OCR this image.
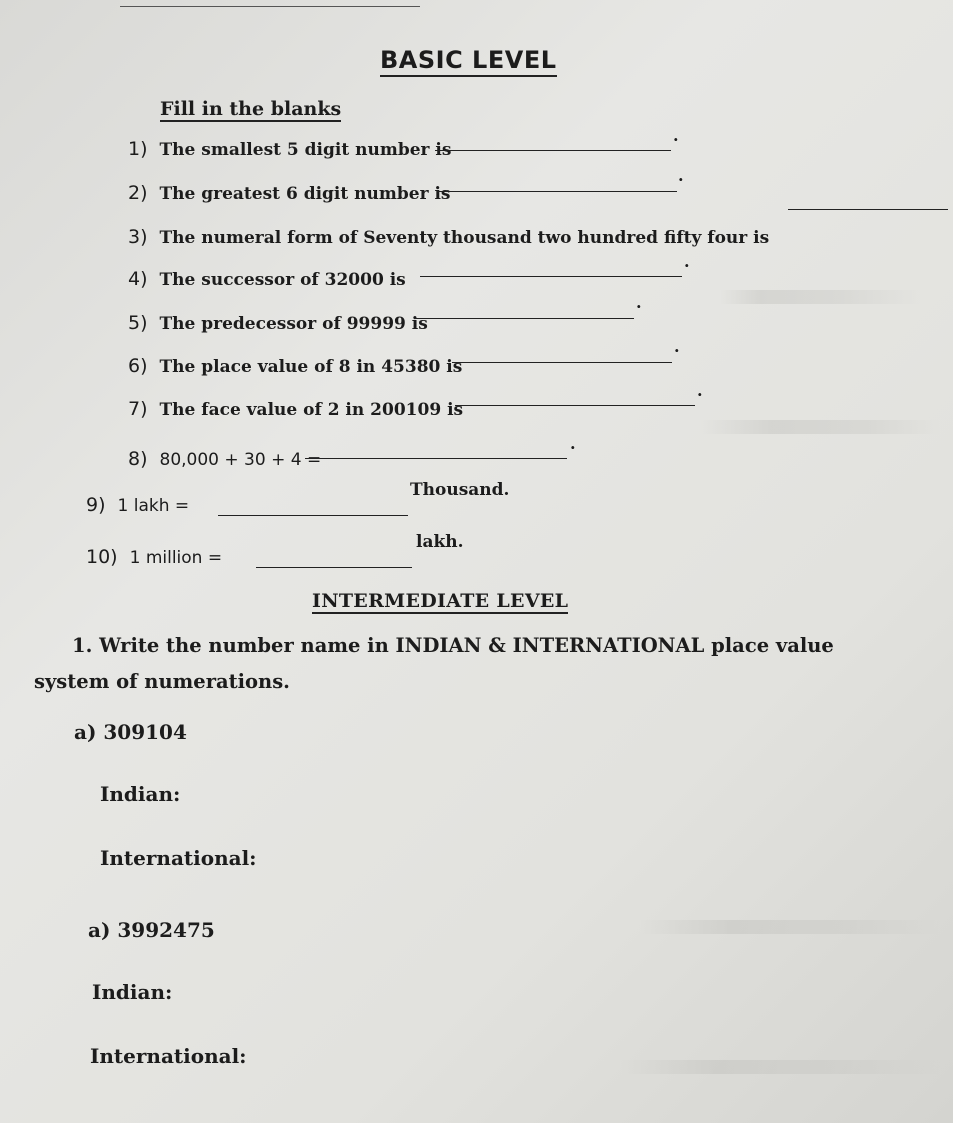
BASIC LEVEL
Fill in the blanks
1) The smallest 5 digit number is
.
2) The greatest 6 digit number is
.
3) The numeral form of Seventy thousand two hundred fifty four is
4) The successor of 32000 is
.
5) The predecessor of 99999 is
.
6) The place value of 8 in 45380 is
.
7) The face value of 2 in 200109 is
.
8) 80,000 + 30 + 4 =
.
9) 1 lakh =
Thousand.
10) 1 million =
lakh.
INTERMEDIATE LEVEL
1. Write the number name in INDIAN & INTERNATIONAL place value
system of numerations.
a) 309104
Indian:
International:
a) 3992475
Indian:
International:
